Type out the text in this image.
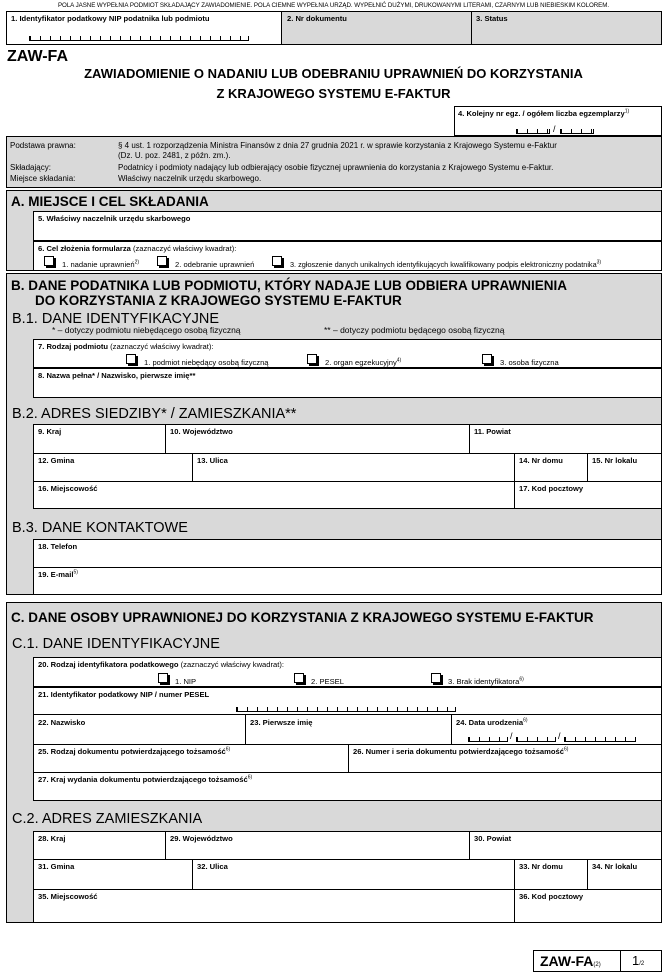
POLA JASNE WYPEŁNIA PODMIOT SKŁADAJĄCY ZAWIADOMIENIE. POLA CIEMNE WYPEŁNIA URZĄD. WYPEŁNIĆ DUŻYMI, DRUKOWANYMI LITERAMI, CZARNYM LUB NIEBIESKIM KOLOREM.
1. Identyfikator podatkowy NIP podatnika lub podmiotu	2. Nr dokumentu	3. Status
ZAW-FA
ZAWIADOMIENIE O NADANIU LUB ODEBRANIU UPRAWNIEŃ DO KORZYSTANIA
Z KRAJOWEGO SYSTEMU E-FAKTUR
4. Kolejny nr egz. / ogółem liczba egzemplarzy$^{1)}$
/
Podstawa prawna:	§ 4 ust. 1 rozporządzenia Ministra Finansów z dnia 27 grudnia 2021 r. w sprawie korzystania z Krajowego Systemu e-Faktur
(Dz. U. poz. 2481, z późn. zm.).
Składający:	Podatnicy i podmioty nadający lub odbierający osobie fizycznej uprawnienia do korzystania z Krajowego Systemu e-Faktur.
Miejsce składania:	Właściwy naczelnik urzędu skarbowego.
A. MIEJSCE I CEL SKŁADANIA
5. Właściwy naczelnik urzędu skarbowego
6. Cel złożenia formularza (zaznaczyć właściwy kwadrat):
1. nadanie uprawnień$^{2)}$	2. odebranie uprawnień	3. zgłoszenie danych unikalnych identyfikujących kwalifikowany podpis elektroniczny podatnika$^{3)}$
B. DANE PODATNIKA LUB PODMIOTU, KTÓRY NADAJE LUB ODBIERA UPRAWNIENIA
DO KORZYSTANIA Z KRAJOWEGO SYSTEMU E-FAKTUR
B.1. DANE IDENTYFIKACYJNE
* – dotyczy podmiotu niebędącego osobą fizyczną	** – dotyczy podmiotu będącego osobą fizyczną
7. Rodzaj podmiotu (zaznaczyć właściwy kwadrat):
1. podmiot niebędący osobą fizyczną	2. organ egzekucyjny$^{4)}$	3. osoba fizyczna
8. Nazwa pełna* / Nazwisko, pierwsze imię**
B.2. ADRES SIEDZIBY* / ZAMIESZKANIA**
9. Kraj	10. Województwo	11. Powiat
12. Gmina	13. Ulica	14. Nr domu	15. Nr lokalu
16. Miejscowość	17. Kod pocztowy
B.3. DANE KONTAKTOWE
18. Telefon
19. E-mail$^{5)}$
C. DANE OSOBY UPRAWNIONEJ DO KORZYSTANIA Z KRAJOWEGO SYSTEMU E-FAKTUR
C.1. DANE IDENTYFIKACYJNE
20. Rodzaj identyfikatora podatkowego (zaznaczyć właściwy kwadrat):
1. NIP	2. PESEL	3. Brak identyfikatora$^{6)}$
21. Identyfikator podatkowy NIP / numer PESEL
22. Nazwisko	23. Pierwsze imię	24. Data urodzenia$^{6)}$
/	/
25. Rodzaj dokumentu potwierdzającego tożsamość$^{6)}$	26. Numer i seria dokumentu potwierdzającego tożsamość$^{6)}$
27. Kraj wydania dokumentu potwierdzającego tożsamość$^{6)}$
C.2. ADRES ZAMIESZKANIA
28. Kraj	29. Województwo	30. Powiat
31. Gmina	32. Ulica	33. Nr domu	34. Nr lokalu
35. Miejscowość	36. Kod pocztowy
ZAW-FA(2) 1/2
